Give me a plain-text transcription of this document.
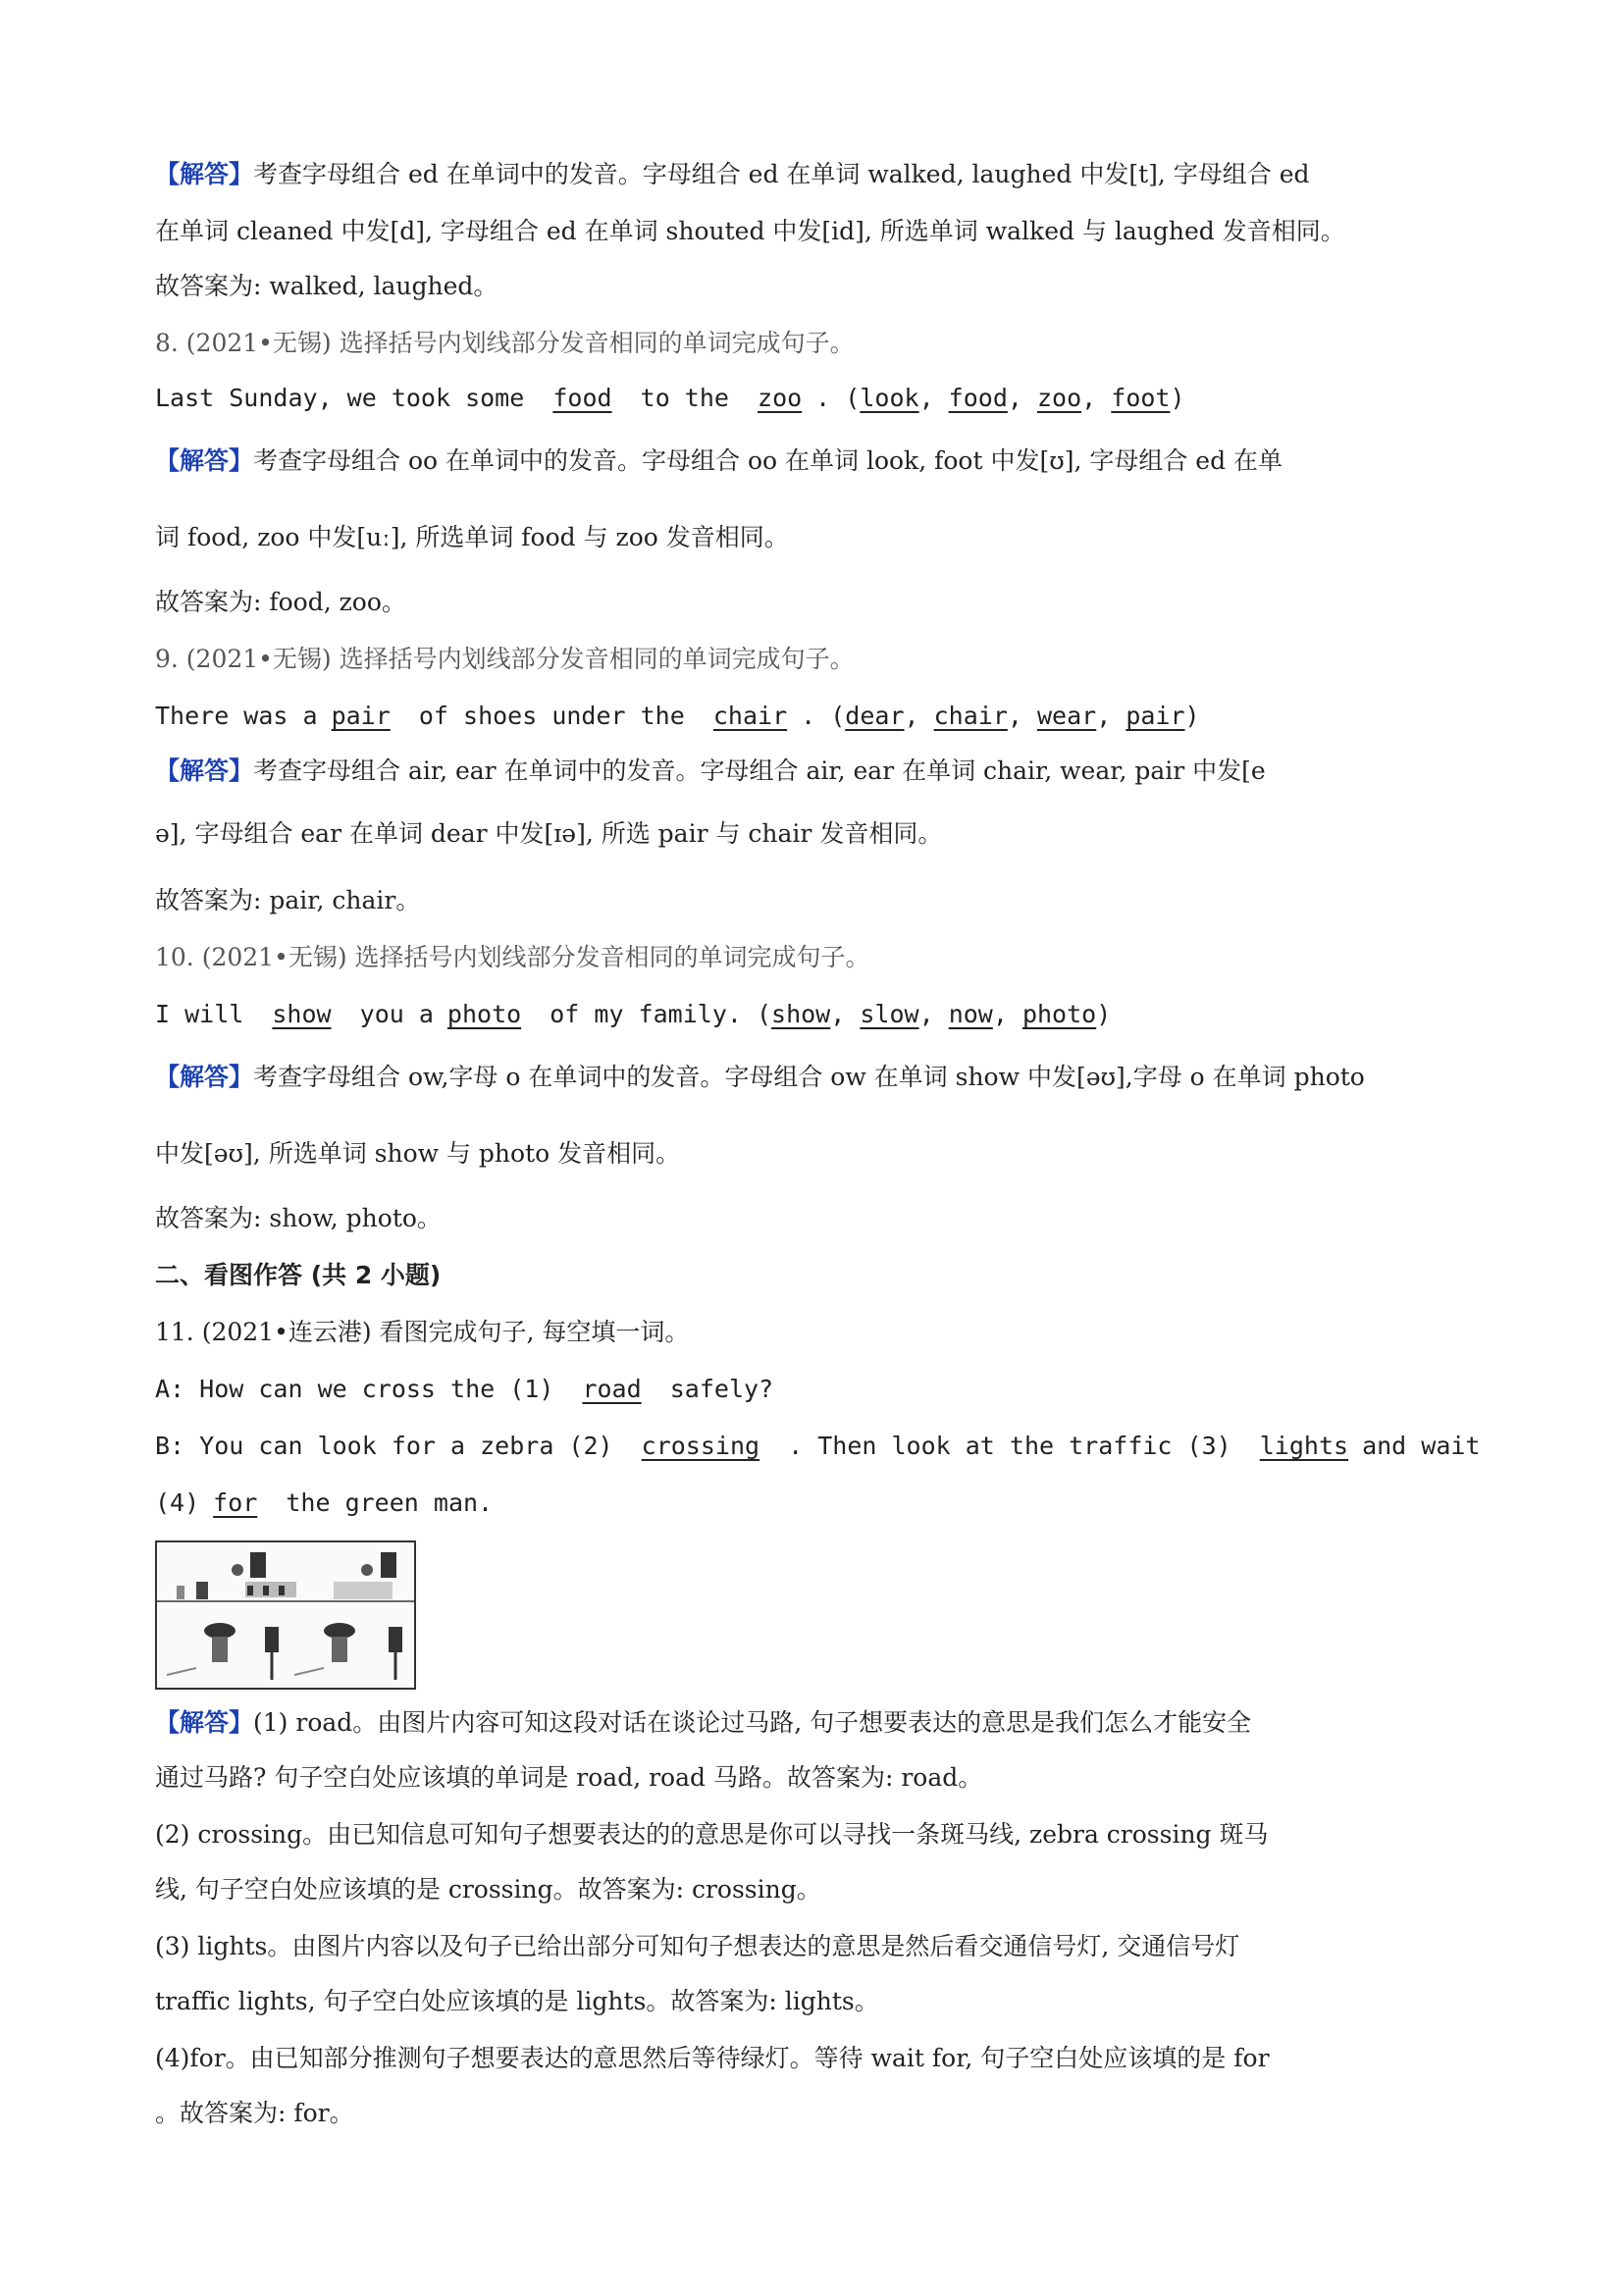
【解答】考查字母组合 ed 在单词中的发音。字母组合 ed 在单词 walked, laughed 中发[t], 字母组合 ed
在单词 cleaned 中发[d], 字母组合 ed 在单词 shouted 中发[id], 所选单词 walked 与 laughed 发音相同。
故答案为: walked, laughed。
8. (2021•无锡) 选择括号内划线部分发音相同的单词完成句子。
Last Sunday, we took some food to the zoo . (look, food, zoo, foot)
【解答】考查字母组合 oo 在单词中的发音。字母组合 oo 在单词 look, foot 中发[ʊ], 字母组合 ed 在单
词 food, zoo 中发[uː], 所选单词 food 与 zoo 发音相同。
故答案为: food, zoo。
9. (2021•无锡) 选择括号内划线部分发音相同的单词完成句子。
There was a pair of shoes under the chair . (dear, chair, wear, pair)
【解答】考查字母组合 air, ear 在单词中的发音。字母组合 air, ear 在单词 chair, wear, pair 中发[e
ə], 字母组合 ear 在单词 dear 中发[ɪə], 所选 pair 与 chair 发音相同。
故答案为: pair, chair。
10. (2021•无锡) 选择括号内划线部分发音相同的单词完成句子。
I will show you a photo of my family. (show, slow, now, photo)
【解答】考查字母组合 ow,字母 o 在单词中的发音。字母组合 ow 在单词 show 中发[əʊ],字母 o 在单词 photo
中发[əʊ], 所选单词 show 与 photo 发音相同。
故答案为: show, photo。
二、看图作答 (共 2 小题)
11. (2021•连云港) 看图完成句子, 每空填一词。
A: How can we cross the (1) road safely?
B: You can look for a zebra (2) crossing . Then look at the traffic (3) lights and wait
(4) for the green man.
【解答】(1) road。由图片内容可知这段对话在谈论过马路, 句子想要表达的意思是我们怎么才能安全
通过马路? 句子空白处应该填的单词是 road, road 马路。故答案为: road。
(2) crossing。由已知信息可知句子想要表达的的意思是你可以寻找一条斑马线, zebra crossing 斑马
线, 句子空白处应该填的是 crossing。故答案为: crossing。
(3) lights。由图片内容以及句子已给出部分可知句子想表达的意思是然后看交通信号灯, 交通信号灯
traffic lights, 句子空白处应该填的是 lights。故答案为: lights。
(4)for。由已知部分推测句子想要表达的意思然后等待绿灯。等待 wait for, 句子空白处应该填的是 for
。故答案为: for。
